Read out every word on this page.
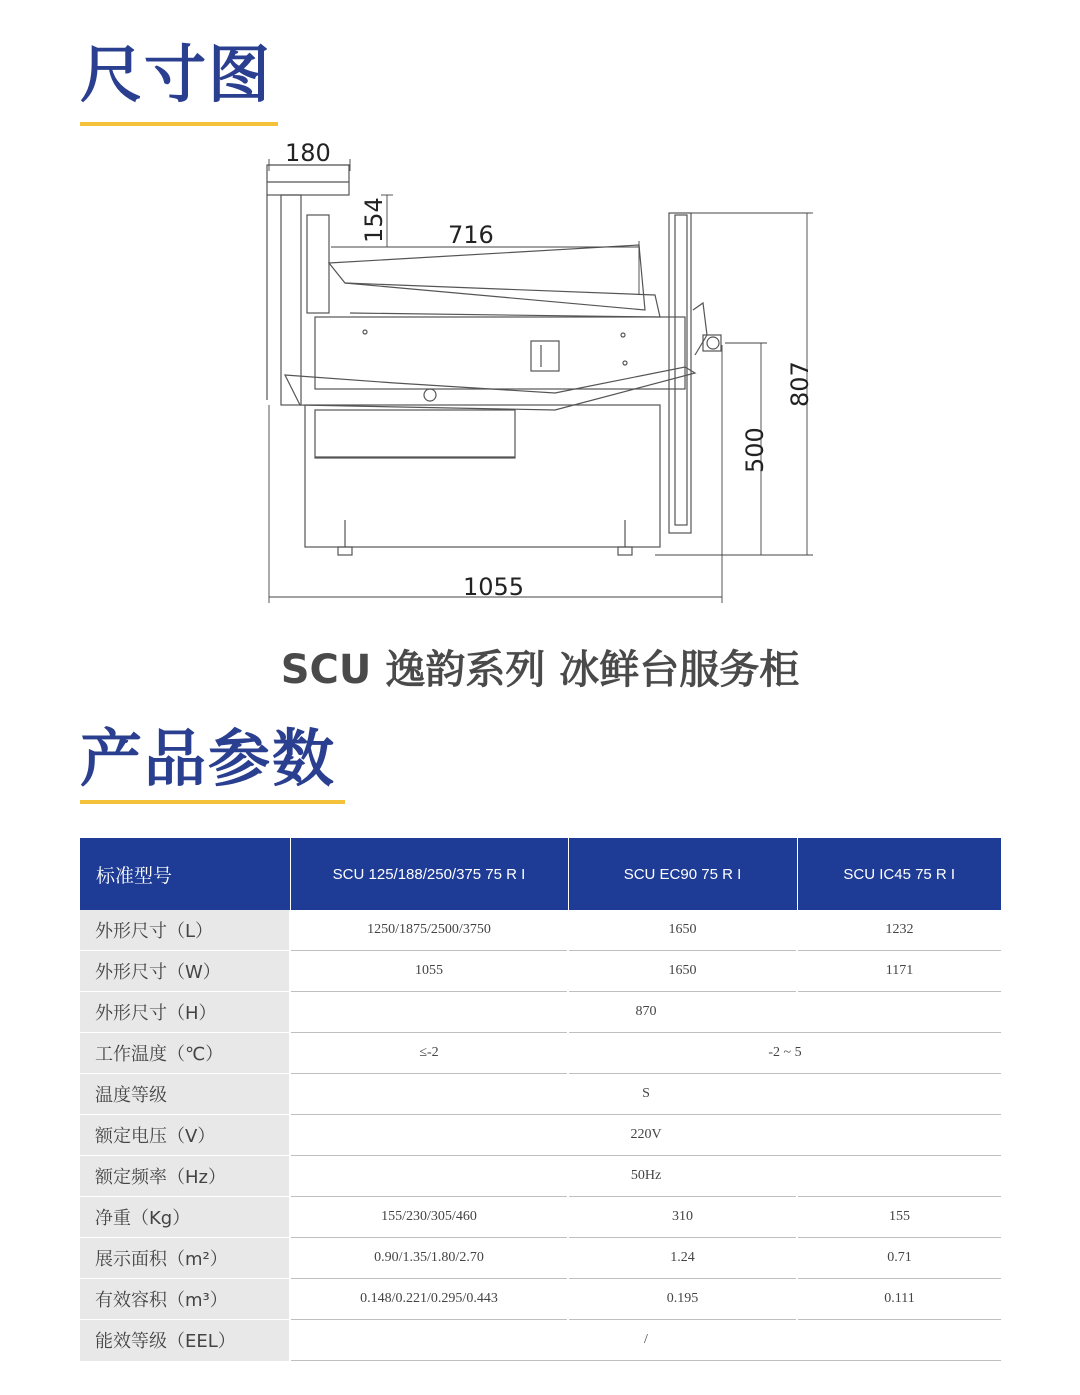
尺寸图
180
154	716
807
500
1055
SCU 逸韵系列 冰鲜台服务柜
产品参数
标准型号	SCU 125/188/250/375 75 R I	SCU EC90 75 R I	SCU IC45 75 R I
外形尺寸（L）	1250/1875/2500/3750	1650	1232
外形尺寸（W）	1055	1650	1171
外形尺寸（H）	870		
工作温度（℃）	≤-2	-2 ~ 5	
温度等级	S		
额定电压（V）	220V		
额定频率（Hz）	50Hz		
净重（Kg）	155/230/305/460	310	155
展示面积（m²）	0.90/1.35/1.80/2.70	1.24	0.71
有效容积（m³）	0.148/0.221/0.295/0.443	0.195	0.111
能效等级（EEL）	/		
